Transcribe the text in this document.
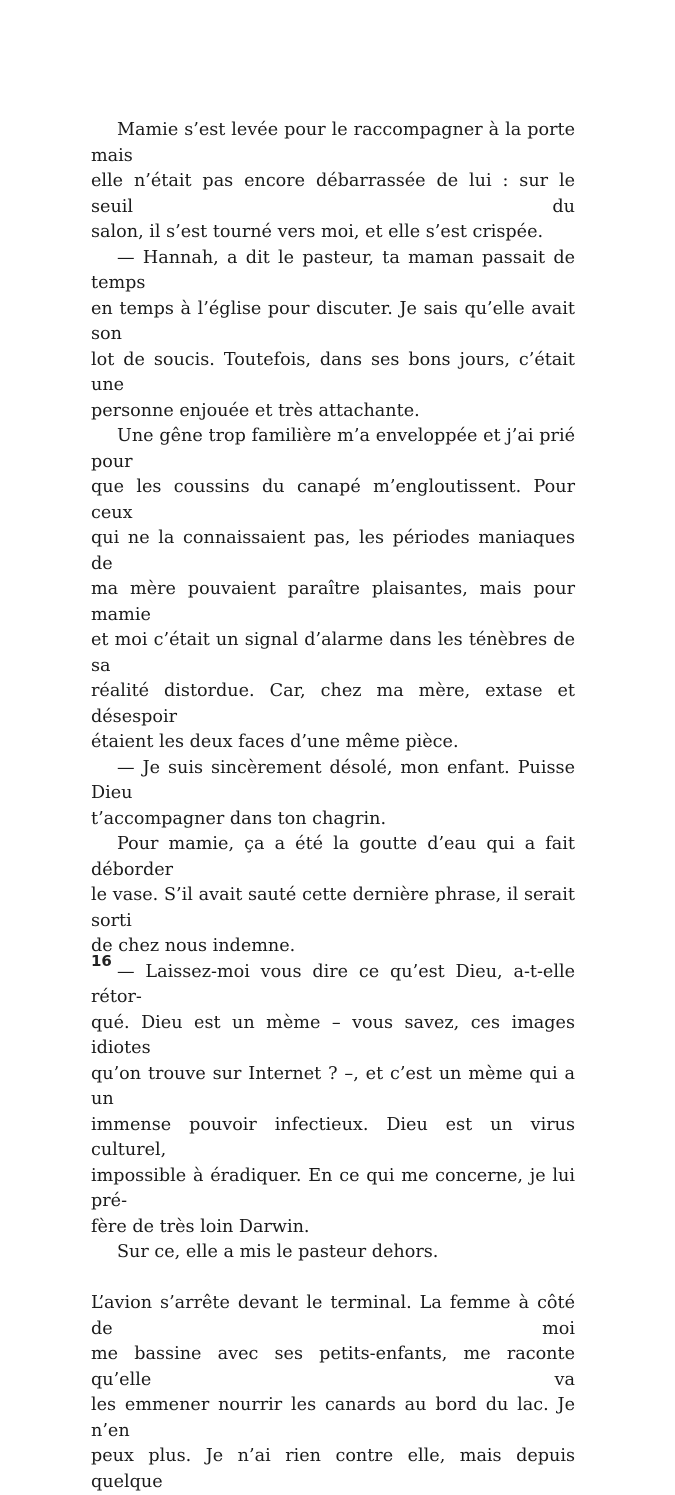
Mamie s’est levée pour le raccompagner à la porte mais
elle n’était pas encore débarrassée de lui : sur le seuil du
salon, il s’est tourné vers moi, et elle s’est crispée.

— Hannah, a dit le pasteur, ta maman passait de temps
en temps à l’église pour discuter. Je sais qu’elle avait son
lot de soucis. Toutefois, dans ses bons jours, c’était une
personne enjouée et très attachante.

Une gêne trop familière m’a enveloppée et j’ai prié pour
que les coussins du canapé m’engloutissent. Pour ceux
qui ne la connaissaient pas, les périodes maniaques de
ma mère pouvaient paraître plaisantes, mais pour mamie
et moi c’était un signal d’alarme dans les ténèbres de sa
réalité distordue. Car, chez ma mère, extase et désespoir
étaient les deux faces d’une même pièce.

— Je suis sincèrement désolé, mon enfant. Puisse Dieu
t’accompagner dans ton chagrin.

Pour mamie, ça a été la goutte d’eau qui a fait déborder
le vase. S’il avait sauté cette dernière phrase, il serait sorti
de chez nous indemne.

— Laissez-moi vous dire ce qu’est Dieu, a-t-elle rétor-
qué. Dieu est un mème – vous savez, ces images idiotes
qu’on trouve sur Internet ? –, et c’est un mème qui a un
immense pouvoir infectieux. Dieu est un virus culturel,
impossible à éradiquer. En ce qui me concerne, je lui pré-
fère de très loin Darwin.

Sur ce, elle a mis le pasteur dehors.

L’avion s’arrête devant le terminal. La femme à côté de moi
me bassine avec ses petits-enfants, me raconte qu’elle va
les emmener nourrir les canards au bord du lac. Je n’en
peux plus. Je n’ai rien contre elle, mais depuis quelque

16
